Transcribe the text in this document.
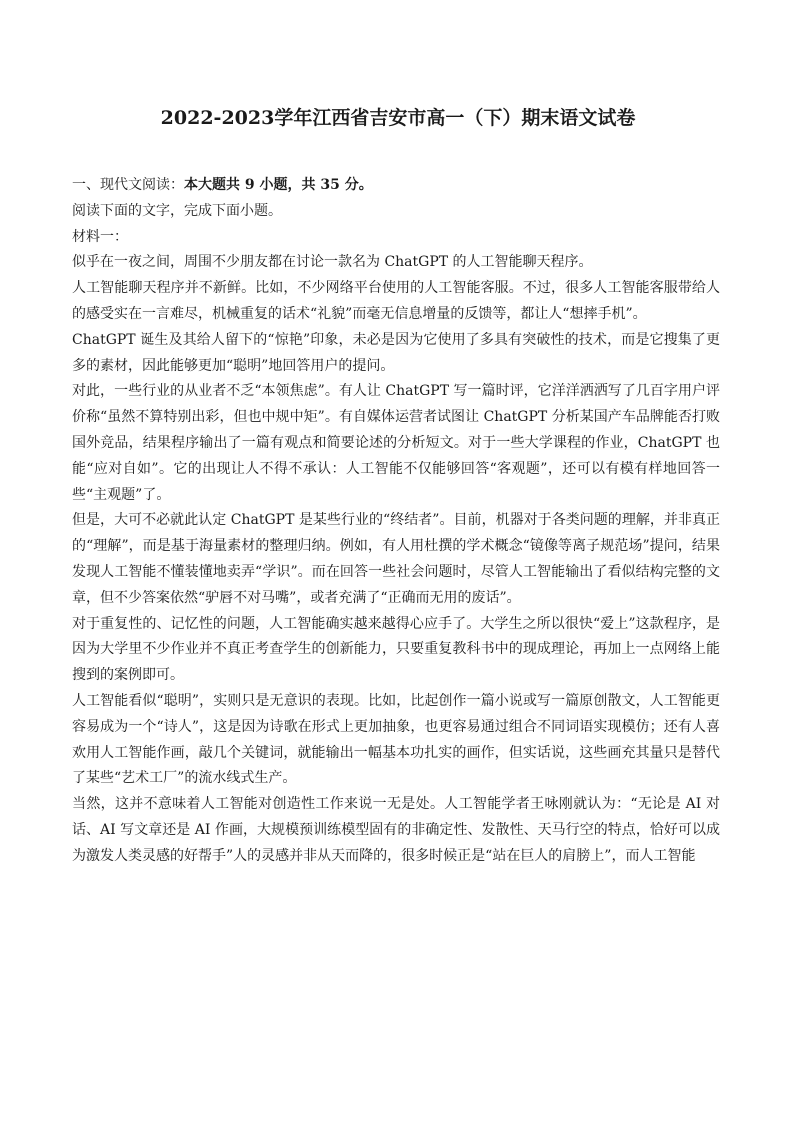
2022-2023学年江西省吉安市高一（下）期末语文试卷

一、现代文阅读：本大题共 9 小题，共 35 分。

阅读下面的文字，完成下面小题。

材料一：

似乎在一夜之间，周围不少朋友都在讨论一款名为 ChatGPT 的人工智能聊天程序。

人工智能聊天程序并不新鲜。比如，不少网络平台使用的人工智能客服。不过，很多人工智能客服带给人的感受实在一言难尽，机械重复的话术“礼貌”而毫无信息增量的反馈等，都让人“想摔手机”。

ChatGPT 诞生及其给人留下的“惊艳”印象，未必是因为它使用了多具有突破性的技术，而是它搜集了更多的素材，因此能够更加“聪明”地回答用户的提问。

对此，一些行业的从业者不乏“本领焦虑”。有人让 ChatGPT 写一篇时评，它洋洋洒洒写了几百字用户评价称“虽然不算特别出彩，但也中规中矩”。有自媒体运营者试图让 ChatGPT 分析某国产车品牌能否打败国外竞品，结果程序输出了一篇有观点和简要论述的分析短文。对于一些大学课程的作业，ChatGPT 也能“应对自如”。它的出现让人不得不承认：人工智能不仅能够回答“客观题”，还可以有模有样地回答一些“主观题”了。

但是，大可不必就此认定 ChatGPT 是某些行业的“终结者”。目前，机器对于各类问题的理解，并非真正的“理解”，而是基于海量素材的整理归纳。例如，有人用杜撰的学术概念“镜像等离子规范场”提问，结果发现人工智能不懂装懂地卖弄“学识”。而在回答一些社会问题时，尽管人工智能输出了看似结构完整的文章，但不少答案依然“驴唇不对马嘴”，或者充满了“正确而无用的废话”。

对于重复性的、记忆性的问题，人工智能确实越来越得心应手了。大学生之所以很快“爱上”这款程序，是因为大学里不少作业并不真正考查学生的创新能力，只要重复教科书中的现成理论，再加上一点网络上能搜到的案例即可。

人工智能看似“聪明”，实则只是无意识的表现。比如，比起创作一篇小说或写一篇原创散文，人工智能更容易成为一个“诗人”，这是因为诗歌在形式上更加抽象，也更容易通过组合不同词语实现模仿；还有人喜欢用人工智能作画，敲几个关键词，就能输出一幅基本功扎实的画作，但实话说，这些画充其量只是替代了某些“艺术工厂”的流水线式生产。

当然，这并不意味着人工智能对创造性工作来说一无是处。人工智能学者王咏刚就认为：“无论是 AI 对话、AI 写文章还是 AI 作画，大规模预训练模型固有的非确定性、发散性、天马行空的特点，恰好可以成为激发人类灵感的好帮手”人的灵感并非从天而降的，很多时候正是“站在巨人的肩膀上”，而人工智能
